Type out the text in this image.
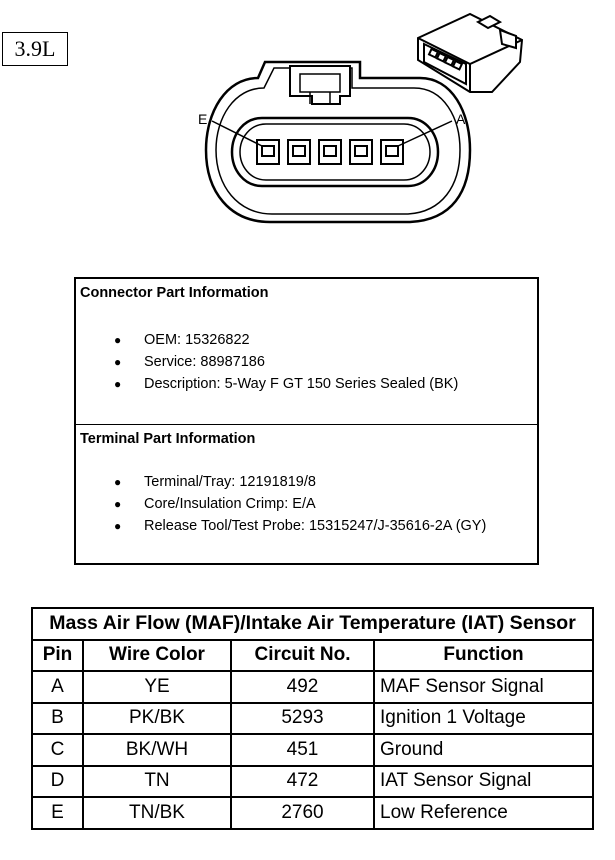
3.9L
E	A
Connector Part Information
● OEM: 15326822
● Service: 88987186
● Description: 5-Way F GT 150 Series Sealed (BK)
Terminal Part Information
● Terminal/Tray: 12191819/8
● Core/Insulation Crimp: E/A
● Release Tool/Test Probe: 15315247/J-35616-2A (GY)
Mass Air Flow (MAF)/Intake Air Temperature (IAT) Sensor			
Pin	Wire Color	Circuit No.	Function
A	YE	492	MAF Sensor Signal
B	PK/BK	5293	Ignition 1 Voltage
C	BK/WH	451	Ground
D	TN	472	IAT Sensor Signal
E	TN/BK	2760	Low Reference
